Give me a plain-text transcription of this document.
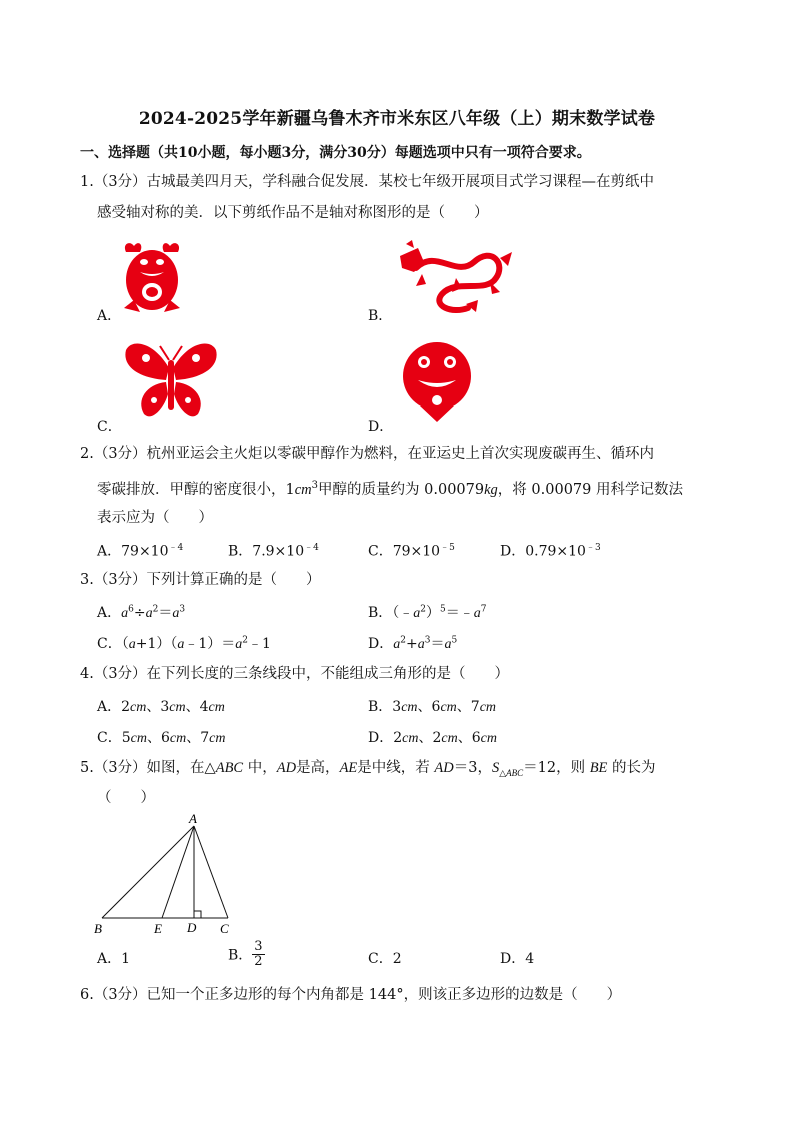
2024-2025学年新疆乌鲁木齐市米东区八年级（上）期末数学试卷
一、选择题（共10小题，每小题3分，满分30分）每题选项中只有一项符合要求。
1.（3分）古城最美四月天，学科融合促发展．某校七年级开展项目式学习课程—在剪纸中
感受轴对称的美．以下剪纸作品不是轴对称图形的是（　　）
A．	B．
C．	D．
2.（3分）杭州亚运会主火炬以零碳甲醇作为燃料，在亚运史上首次实现废碳再生、循环内
零碳排放．甲醇的密度很小，$1cm^3$甲醇的质量约为 0.00079kg，将 0.00079 用科学记数法
表示应为（　　）
A．$79\times 10^{﹣4}$	B．$7.9\times 10^{﹣4}$	C．$79\times 10^{﹣5}$	D．$0.79\times 10^{﹣3}$
3.（3分）下列计算正确的是（　　）
A．$a^6\div a^2=a^3$	B．$(﹣a^2)^5=﹣a^7$
C．$(a+1)(a﹣1)=a^2﹣1$	D．$a^2+a^3=a^5$
4.（3分）在下列长度的三条线段中，不能组成三角形的是（　　）
A．2cm、3cm、4cm	B．3cm、6cm、7cm
C．5cm、6cm、7cm	D．2cm、2cm、6cm
5.（3分）如图，在△ABC 中，AD是高，AE是中线，若 AD＝3，$S_{\triangle ABC}=12$，则 BE 的长为
（　　）
A
B	E D C
A．1	B． $\frac{3}{2}$	C．2	D．4
6.（3分）已知一个正多边形的每个内角都是 144°，则该正多边形的边数是（　　）
